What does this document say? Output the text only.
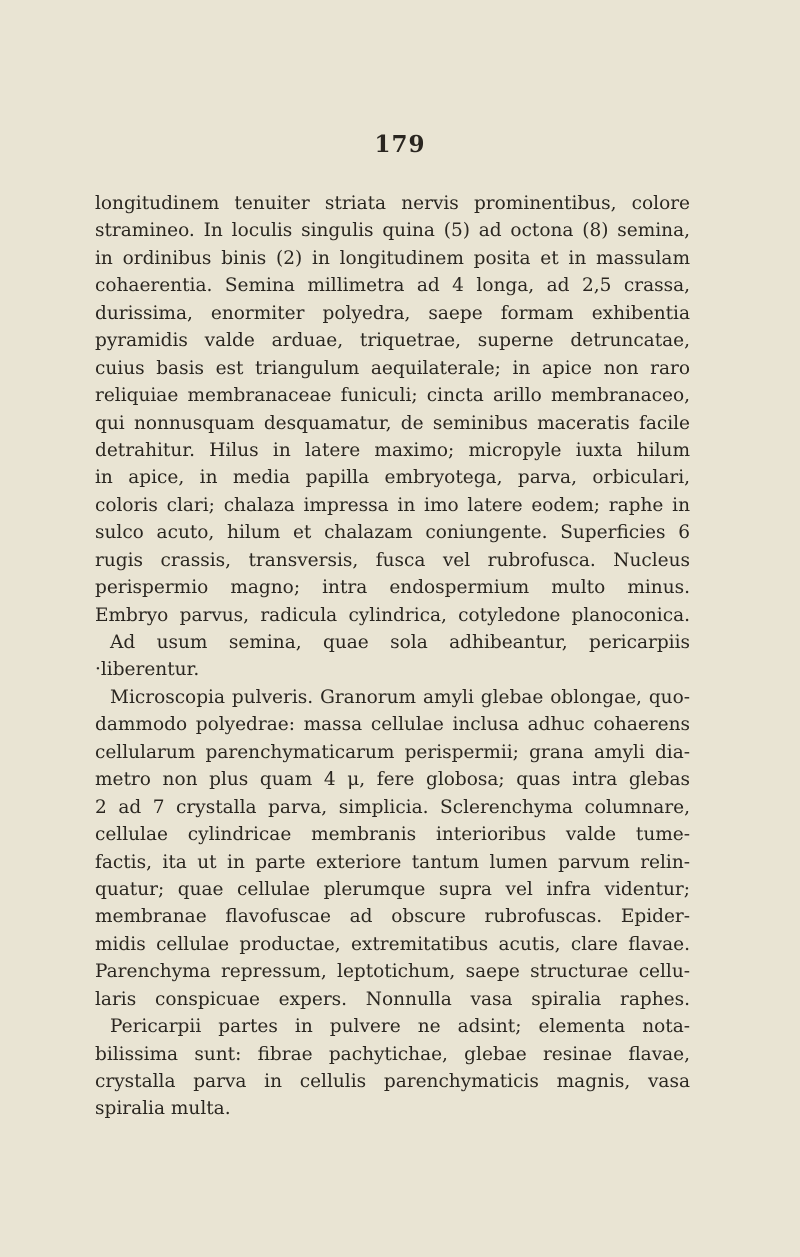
179
longitudinem tenuiter striata nervis prominentibus, colore
stramineo. In loculis singulis quina (5) ad octona (8) semina,
in ordinibus binis (2) in longitudinem posita et in massulam
cohaerentia. Semina millimetra ad 4 longa, ad 2,5 crassa,
durissima, enormiter polyedra, saepe formam exhibentia
pyramidis valde arduae, triquetrae, superne detruncatae,
cuius basis est triangulum aequilaterale; in apice non raro
reliquiae membranaceae funiculi; cincta arillo membranaceo,
qui nonnusquam desquamatur, de seminibus maceratis facile
detrahitur. Hilus in latere maximo; micropyle iuxta hilum
in apice, in media papilla embryotega, parva, orbiculari,
coloris clari; chalaza impressa in imo latere eodem; raphe in
sulco acuto, hilum et chalazam coniungente. Superficies 6
rugis crassis, transversis, fusca vel rubrofusca. Nucleus
perispermio magno; intra endospermium multo minus.
Embryo parvus, radicula cylindrica, cotyledone planoconica.
Ad usum semina, quae sola adhibeantur, pericarpiis
·liberentur.
Microscopia pulveris. Granorum amyli glebae oblongae, quo-
dammodo polyedrae: massa cellulae inclusa adhuc cohaerens
cellularum parenchymaticarum perispermii; grana amyli dia-
metro non plus quam 4 μ, fere globosa; quas intra glebas
2 ad 7 crystalla parva, simplicia. Sclerenchyma columnare,
cellulae cylindricae membranis interioribus valde tume-
factis, ita ut in parte exteriore tantum lumen parvum relin-
quatur; quae cellulae plerumque supra vel infra videntur;
membranae flavofuscae ad obscure rubrofuscas. Epider-
midis cellulae productae, extremitatibus acutis, clare flavae.
Parenchyma repressum, leptotichum, saepe structurae cellu-
laris conspicuae expers. Nonnulla vasa spiralia raphes.
Pericarpii partes in pulvere ne adsint; elementa nota-
bilissima sunt: fibrae pachytichae, glebae resinae flavae,
crystalla parva in cellulis parenchymaticis magnis, vasa
spiralia multa.
